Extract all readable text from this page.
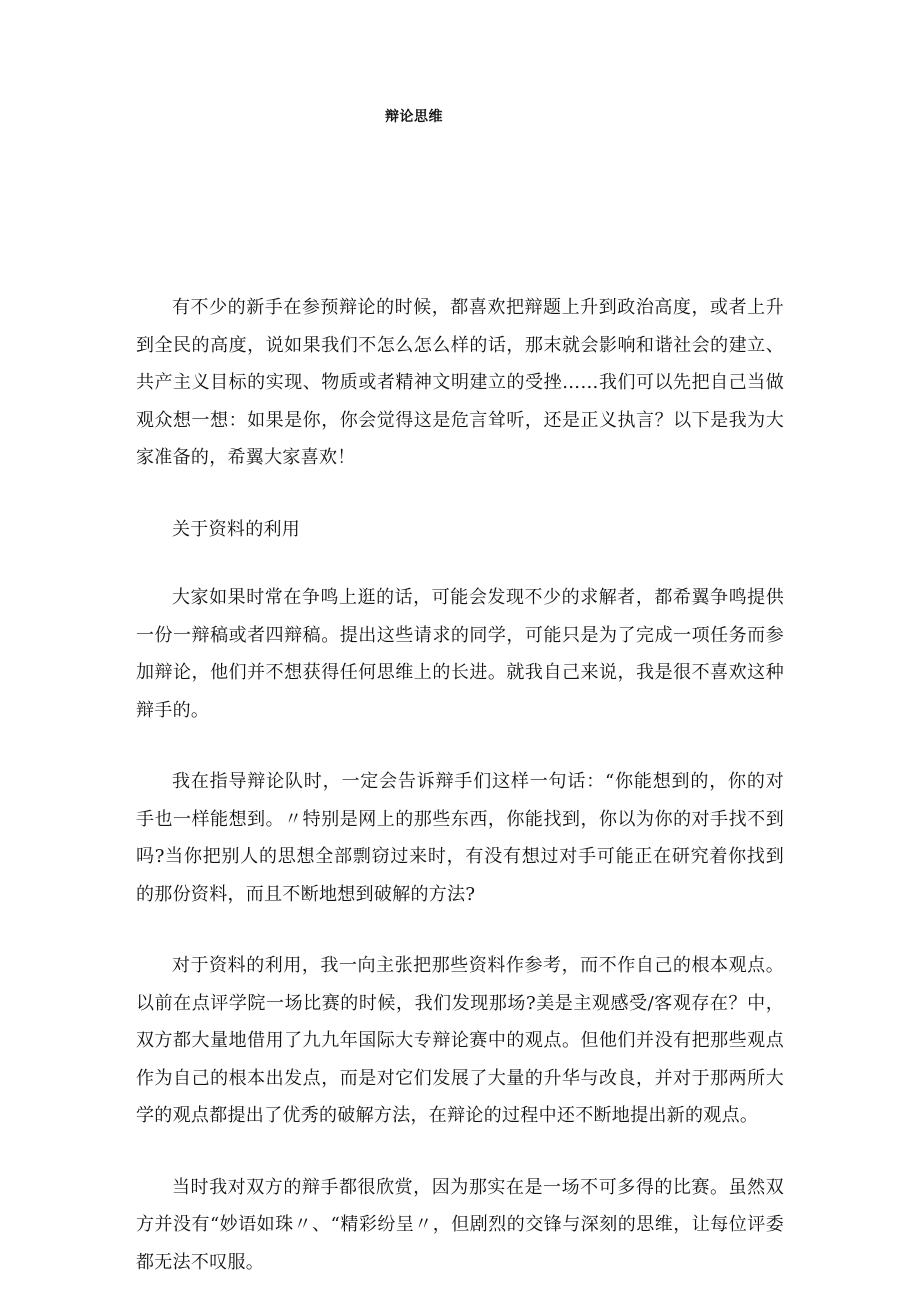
辩论思维

有不少的新手在参预辩论的时候，都喜欢把辩题上升到政治高度，或者上升到全民的高度，说如果我们不怎么怎么样的话，那末就会影响和谐社会的建立、共产主义目标的实现、物质或者精神文明建立的受挫……我们可以先把自己当做观众想一想：如果是你，你会觉得这是危言耸听，还是正义执言？以下是我为大家准备的，希翼大家喜欢！

关于资料的利用

大家如果时常在争鸣上逛的话，可能会发现不少的求解者，都希翼争鸣提供一份一辩稿或者四辩稿。提出这些请求的同学，可能只是为了完成一项任务而参加辩论，他们并不想获得任何思维上的长进。就我自己来说，我是很不喜欢这种辩手的。

我在指导辩论队时，一定会告诉辩手们这样一句话：“你能想到的，你的对手也一样能想到。〃特别是网上的那些东西，你能找到，你以为你的对手找不到吗?当你把别人的思想全部剽窃过来时，有没有想过对手可能正在研究着你找到的那份资料，而且不断地想到破解的方法?

对于资料的利用，我一向主张把那些资料作参考，而不作自己的根本观点。以前在点评学院一场比赛的时候，我们发现那场?美是主观感受/客观存在？中，双方都大量地借用了九九年国际大专辩论赛中的观点。但他们并没有把那些观点作为自己的根本出发点，而是对它们发展了大量的升华与改良，并对于那两所大学的观点都提出了优秀的破解方法，在辩论的过程中还不断地提出新的观点。

当时我对双方的辩手都很欣赏，因为那实在是一场不可多得的比赛。虽然双方并没有“妙语如珠〃、“精彩纷呈〃，但剧烈的交锋与深刻的思维，让每位评委都无法不叹服。
